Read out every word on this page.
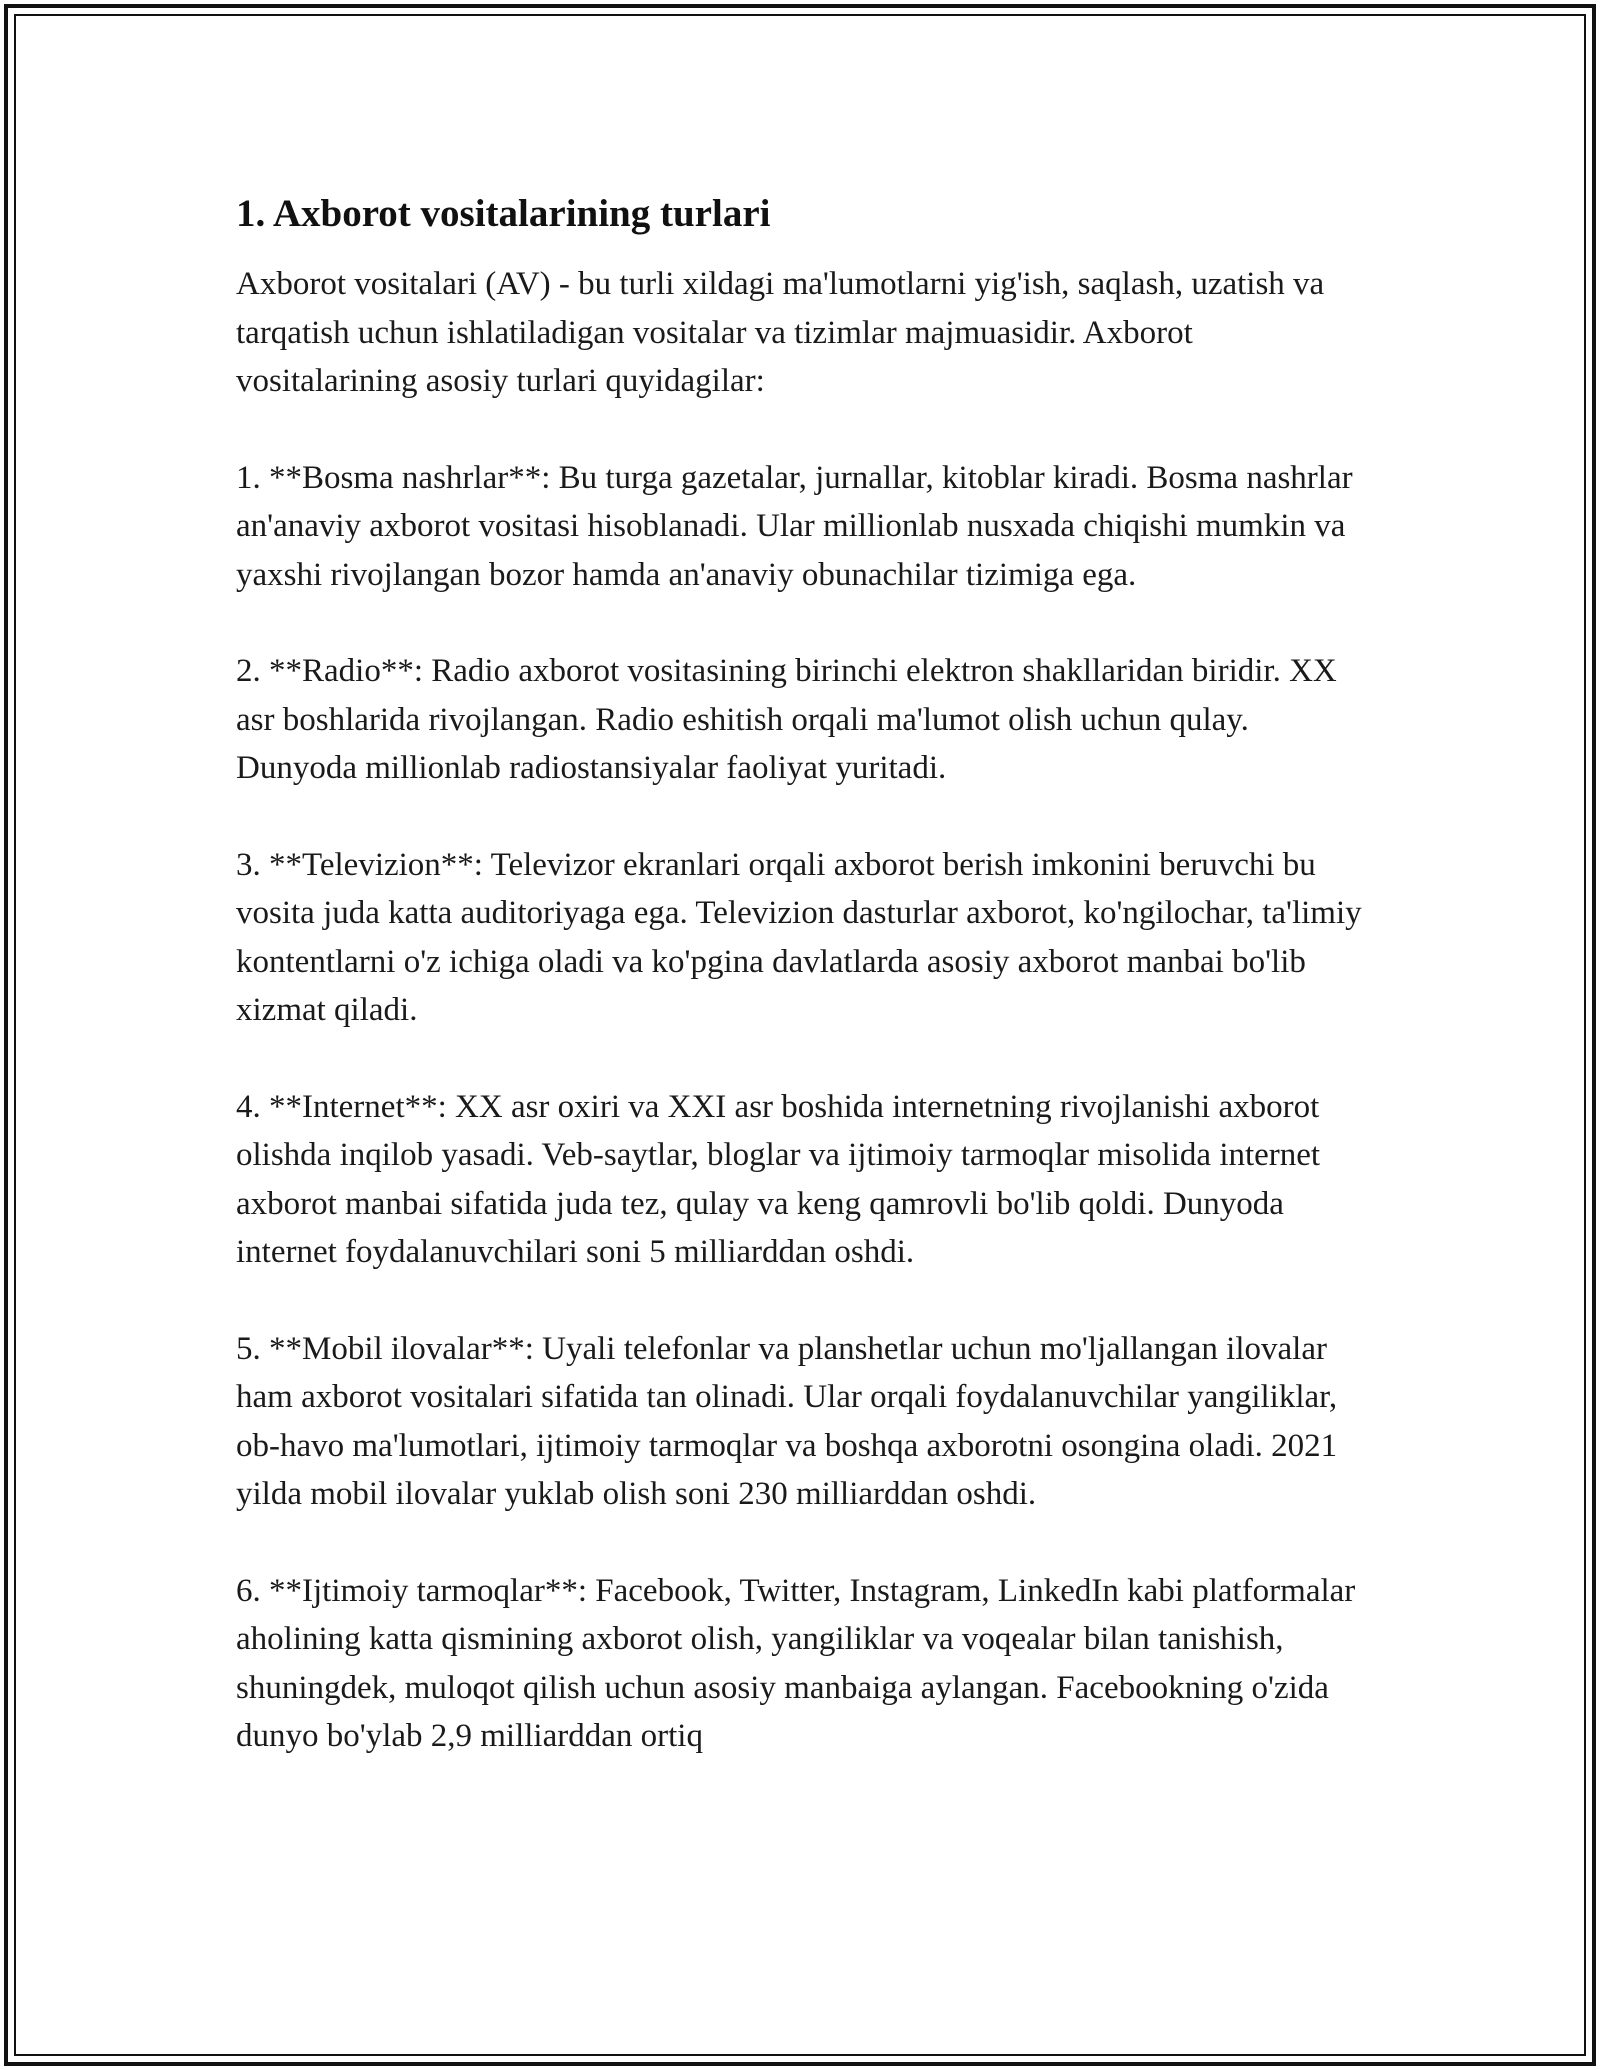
1. Axborot vositalarining turlari

Axborot vositalari (AV) - bu turli xildagi ma'lumotlarni yig'ish, saqlash, uzatish va tarqatish uchun ishlatiladigan vositalar va tizimlar majmuasidir. Axborot vositalarining asosiy turlari quyidagilar:

1. **Bosma nashrlar**: Bu turga gazetalar, jurnallar, kitoblar kiradi. Bosma nashrlar an'anaviy axborot vositasi hisoblanadi. Ular millionlab nusxada chiqishi mumkin va yaxshi rivojlangan bozor hamda an'anaviy obunachilar tizimiga ega.

2. **Radio**: Radio axborot vositasining birinchi elektron shakllaridan biridir. XX asr boshlarida rivojlangan. Radio eshitish orqali ma'lumot olish uchun qulay. Dunyoda millionlab radiostansiyalar faoliyat yuritadi.

3. **Televizion**: Televizor ekranlari orqali axborot berish imkonini beruvchi bu vosita juda katta auditoriyaga ega. Televizion dasturlar axborot, ko'ngilochar, ta'limiy kontentlarni o'z ichiga oladi va ko'pgina davlatlarda asosiy axborot manbai bo'lib xizmat qiladi.

4. **Internet**: XX asr oxiri va XXI asr boshida internetning rivojlanishi axborot olishda inqilob yasadi. Veb-saytlar, bloglar va ijtimoiy tarmoqlar misolida internet axborot manbai sifatida juda tez, qulay va keng qamrovli bo'lib qoldi. Dunyoda internet foydalanuvchilari soni 5 milliarddan oshdi.

5. **Mobil ilovalar**: Uyali telefonlar va planshetlar uchun mo'ljallangan ilovalar ham axborot vositalari sifatida tan olinadi. Ular orqali foydalanuvchilar yangiliklar, ob-havo ma'lumotlari, ijtimoiy tarmoqlar va boshqa axborotni osongina oladi. 2021 yilda mobil ilovalar yuklab olish soni 230 milliarddan oshdi.

6. **Ijtimoiy tarmoqlar**: Facebook, Twitter, Instagram, LinkedIn kabi platformalar aholining katta qismining axborot olish, yangiliklar va voqealar bilan tanishish, shuningdek, muloqot qilish uchun asosiy manbaiga aylangan. Facebookning o'zida dunyo bo'ylab 2,9 milliarddan ortiq
